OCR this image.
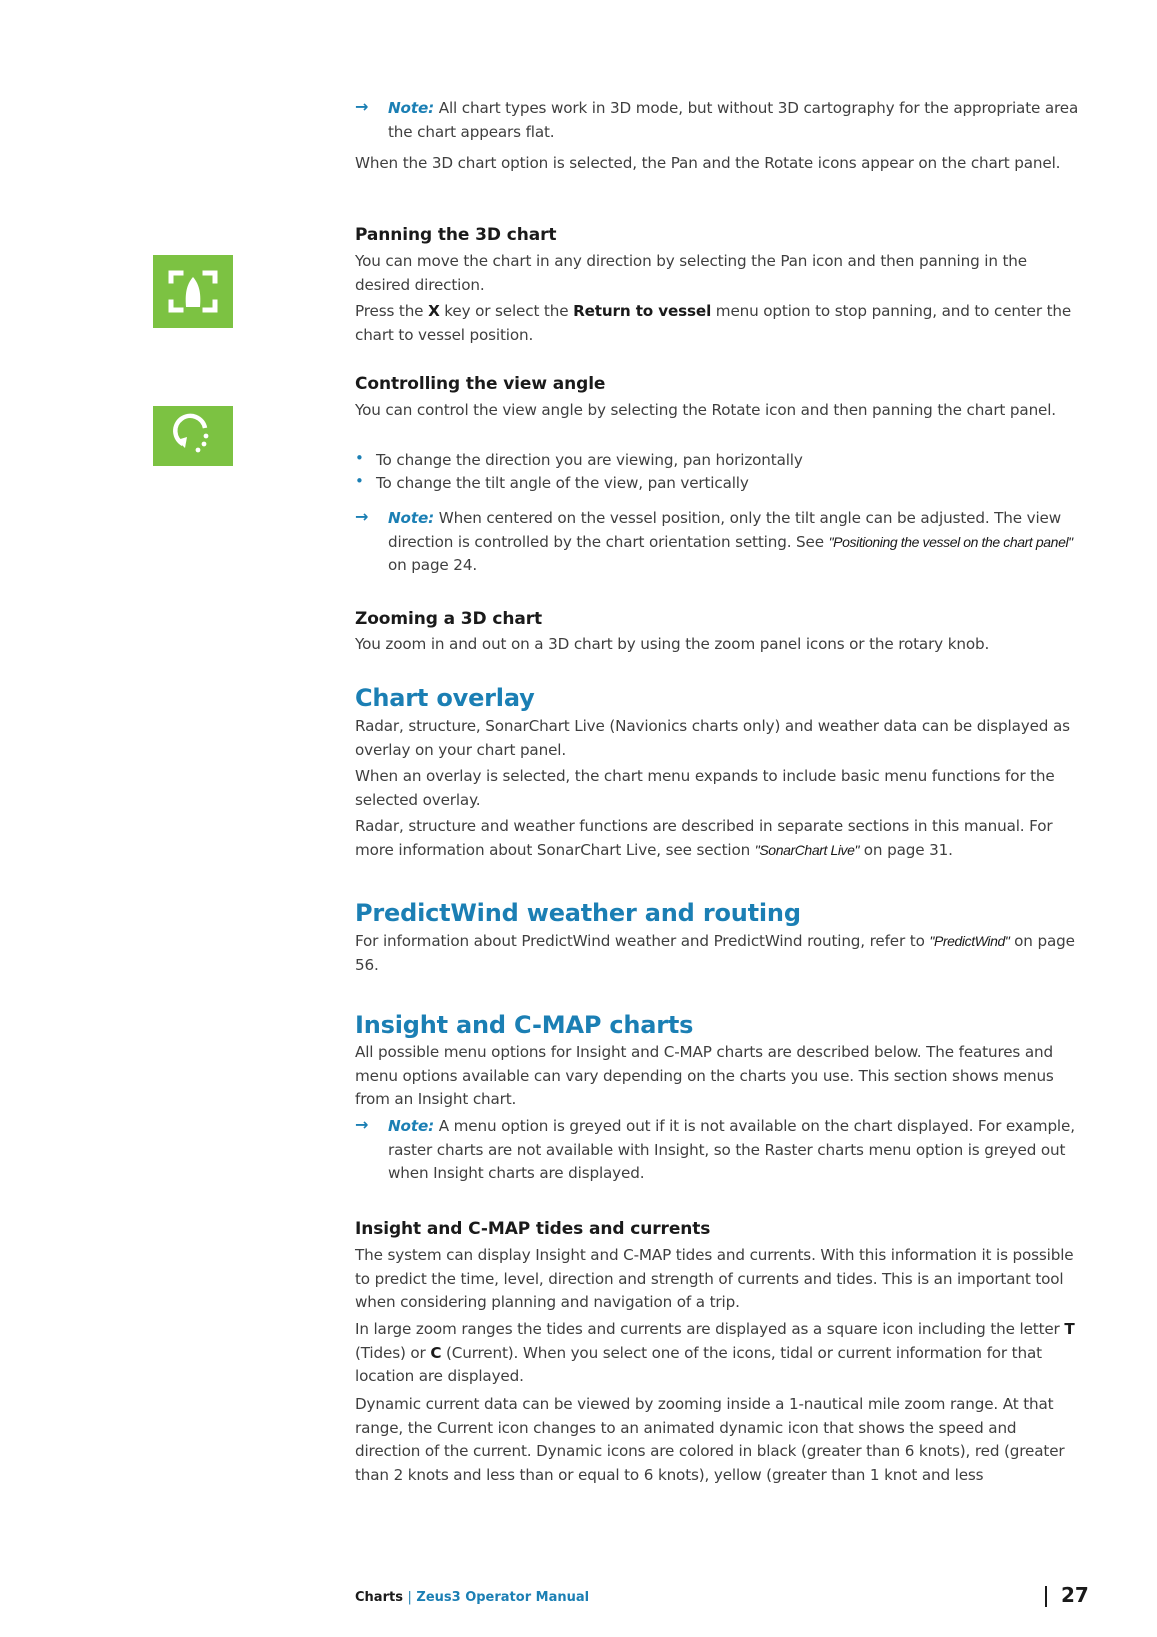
→ Note: All chart types work in 3D mode, but without 3D cartography for the appropriate area the chart appears flat.

When the 3D chart option is selected, the Pan and the Rotate icons appear on the chart panel.

Panning the 3D chart

You can move the chart in any direction by selecting the Pan icon and then panning in the desired direction.

Press the X key or select the Return to vessel menu option to stop panning, and to center the chart to vessel position.

Controlling the view angle

You can control the view angle by selecting the Rotate icon and then panning the chart panel.

• To change the direction you are viewing, pan horizontally

• To change the tilt angle of the view, pan vertically

→ Note: When centered on the vessel position, only the tilt angle can be adjusted. The view direction is controlled by the chart orientation setting. See "Positioning the vessel on the chart panel" on page 24.

Zooming a 3D chart

You zoom in and out on a 3D chart by using the zoom panel icons or the rotary knob.

Chart overlay

Radar, structure, SonarChart Live (Navionics charts only) and weather data can be displayed as overlay on your chart panel.

When an overlay is selected, the chart menu expands to include basic menu functions for the selected overlay.

Radar, structure and weather functions are described in separate sections in this manual. For more information about SonarChart Live, see section "SonarChart Live" on page 31.

PredictWind weather and routing

For information about PredictWind weather and PredictWind routing, refer to "PredictWind" on page 56.

Insight and C-MAP charts

All possible menu options for Insight and C-MAP charts are described below. The features and menu options available can vary depending on the charts you use. This section shows menus from an Insight chart.

→ Note: A menu option is greyed out if it is not available on the chart displayed. For example, raster charts are not available with Insight, so the Raster charts menu option is greyed out when Insight charts are displayed.

Insight and C-MAP tides and currents

The system can display Insight and C-MAP tides and currents. With this information it is possible to predict the time, level, direction and strength of currents and tides. This is an important tool when considering planning and navigation of a trip.

In large zoom ranges the tides and currents are displayed as a square icon including the letter T (Tides) or C (Current). When you select one of the icons, tidal or current information for that location are displayed.

Dynamic current data can be viewed by zooming inside a 1-nautical mile zoom range. At that range, the Current icon changes to an animated dynamic icon that shows the speed and direction of the current. Dynamic icons are colored in black (greater than 6 knots), red (greater than 2 knots and less than or equal to 6 knots), yellow (greater than 1 knot and less

Charts | Zeus3 Operator Manual	27
